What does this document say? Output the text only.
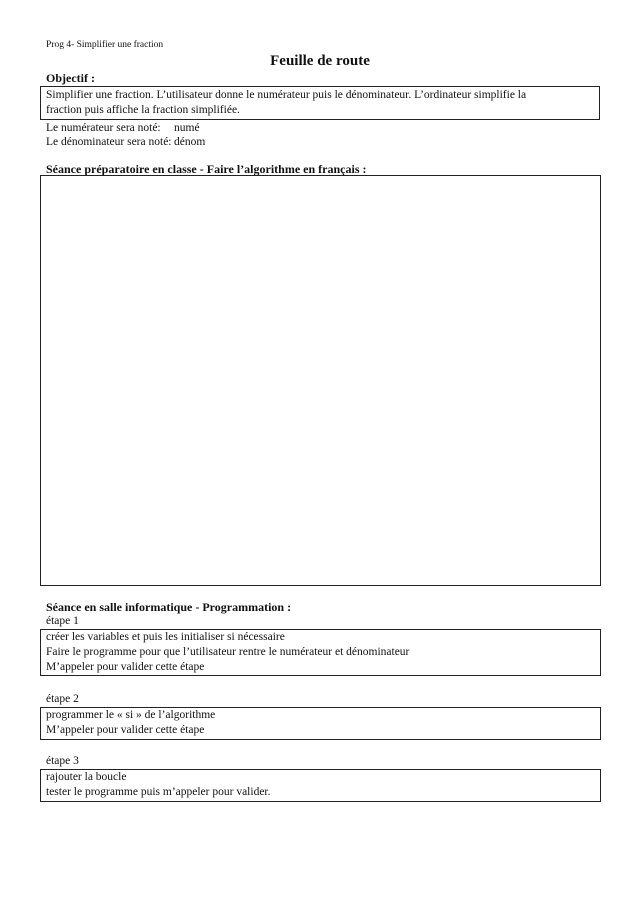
Prog 4- Simplifier une fraction
Feuille de route
Objectif :
Simplifier une fraction. L’utilisateur donne le numérateur puis le dénominateur. L’ordinateur simplifie la
fraction puis affiche la fraction simplifiée.
Le numérateur sera noté: numé
Le dénominateur sera noté: dénom
Séance préparatoire en classe - Faire l’algorithme en français :
Séance en salle informatique - Programmation :
étape 1
créer les variables et puis les initialiser si nécessaire
Faire le programme pour que l’utilisateur rentre le numérateur et dénominateur
M’appeler pour valider cette étape
étape 2
programmer le « si » de l’algorithme
M’appeler pour valider cette étape
étape 3
rajouter la boucle
tester le programme puis m’appeler pour valider.
